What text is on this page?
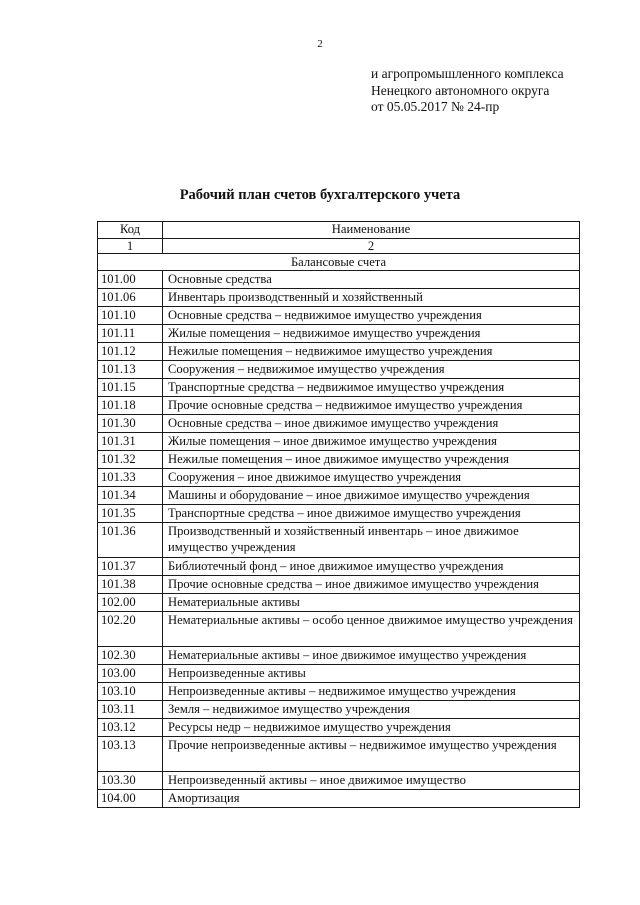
2
и агропромышленного комплекса
Ненецкого автономного округа
от 05.05.2017 № 24-пр
Рабочий план счетов бухгалтерского учета
Код	Наименование
1	2
Балансовые счета	
101.00	Основные средства
101.06	Инвентарь производственный и хозяйственный
101.10	Основные средства – недвижимое имущество учреждения
101.11	Жилые помещения – недвижимое имущество учреждения
101.12	Нежилые помещения – недвижимое имущество учреждения
101.13	Сооружения – недвижимое имущество учреждения
101.15	Транспортные средства – недвижимое имущество учреждения
101.18	Прочие основные средства – недвижимое имущество учреждения
101.30	Основные средства – иное движимое имущество учреждения
101.31	Жилые помещения – иное движимое имущество учреждения
101.32	Нежилые помещения – иное движимое имущество учреждения
101.33	Сооружения – иное движимое имущество учреждения
101.34	Машины и оборудование – иное движимое имущество учреждения
101.35	Транспортные средства – иное движимое имущество учреждения
101.36	Производственный и хозяйственный инвентарь – иное движимое имущество учреждения
101.37	Библиотечный фонд – иное движимое имущество учреждения
101.38	Прочие основные средства – иное движимое имущество учреждения
102.00	Нематериальные активы
102.20	Нематериальные активы – особо ценное движимое имущество учреждения
102.30	Нематериальные активы – иное движимое имущество учреждения
103.00	Непроизведенные активы
103.10	Непроизведенные активы – недвижимое имущество учреждения
103.11	Земля – недвижимое имущество учреждения
103.12	Ресурсы недр – недвижимое имущество учреждения
103.13	Прочие непроизведенные активы – недвижимое имущество учреждения
103.30	Непроизведенный активы – иное движимое имущество
104.00	Амортизация
